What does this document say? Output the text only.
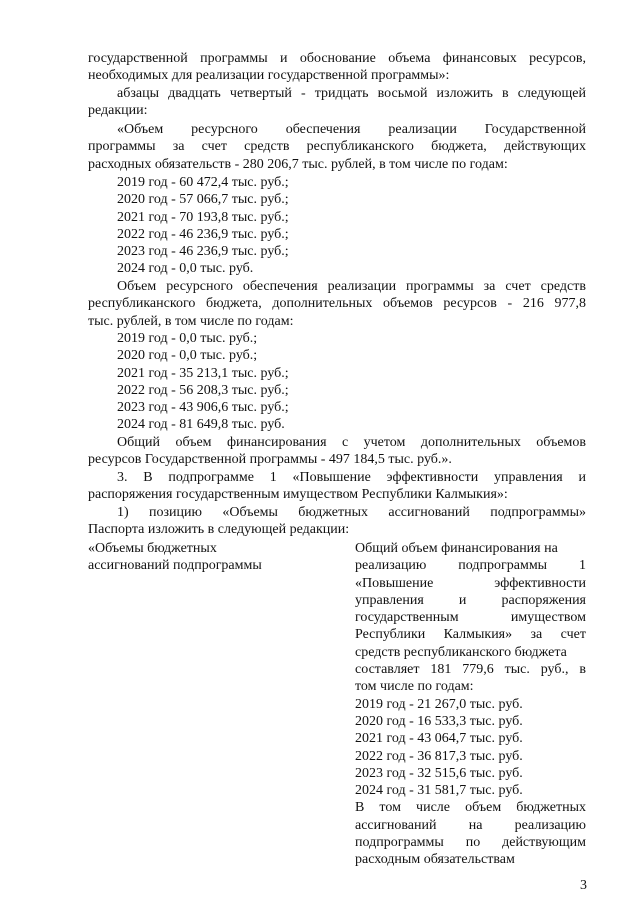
государственной программы и обоснование объема финансовых ресурсов,
необходимых для реализации государственной программы»:
абзацы двадцать четвертый - тридцать восьмой изложить в следующей
редакции:
«Объем ресурсного обеспечения реализации Государственной
программы за счет средств республиканского бюджета, действующих
расходных обязательств - 280 206,7 тыс. рублей, в том числе по годам:
2019 год - 60 472,4 тыс. руб.;
2020 год - 57 066,7 тыс. руб.;
2021 год - 70 193,8 тыс. руб.;
2022 год - 46 236,9 тыс. руб.;
2023 год - 46 236,9 тыс. руб.;
2024 год - 0,0 тыс. руб.
Объем ресурсного обеспечения реализации программы за счет средств
республиканского бюджета, дополнительных объемов ресурсов - 216 977,8
тыс. рублей, в том числе по годам:
2019 год - 0,0 тыс. руб.;
2020 год - 0,0 тыс. руб.;
2021 год - 35 213,1 тыс. руб.;
2022 год - 56 208,3 тыс. руб.;
2023 год - 43 906,6 тыс. руб.;
2024 год - 81 649,8 тыс. руб.
Общий объем финансирования с учетом дополнительных объемов
ресурсов Государственной программы - 497 184,5 тыс. руб.».
3. В подпрограмме 1 «Повышение эффективности управления и
распоряжения государственным имуществом Республики Калмыкия»:
1) позицию «Объемы бюджетных ассигнований подпрограммы»
Паспорта изложить в следующей редакции:
«Объемы бюджетных
ассигнований подпрограммы
Общий объем финансирования на
реализацию подпрограммы 1
«Повышение эффективности
управления и распоряжения
государственным имуществом
Республики Калмыкия» за счет
средств республиканского бюджета
составляет 181 779,6 тыс. руб., в
том числе по годам:
2019 год - 21 267,0 тыс. руб.
2020 год - 16 533,3 тыс. руб.
2021 год - 43 064,7 тыс. руб.
2022 год - 36 817,3 тыс. руб.
2023 год - 32 515,6 тыс. руб.
2024 год - 31 581,7 тыс. руб.
В том числе объем бюджетных
ассигнований на реализацию
подпрограммы по действующим
расходным обязательствам
3
